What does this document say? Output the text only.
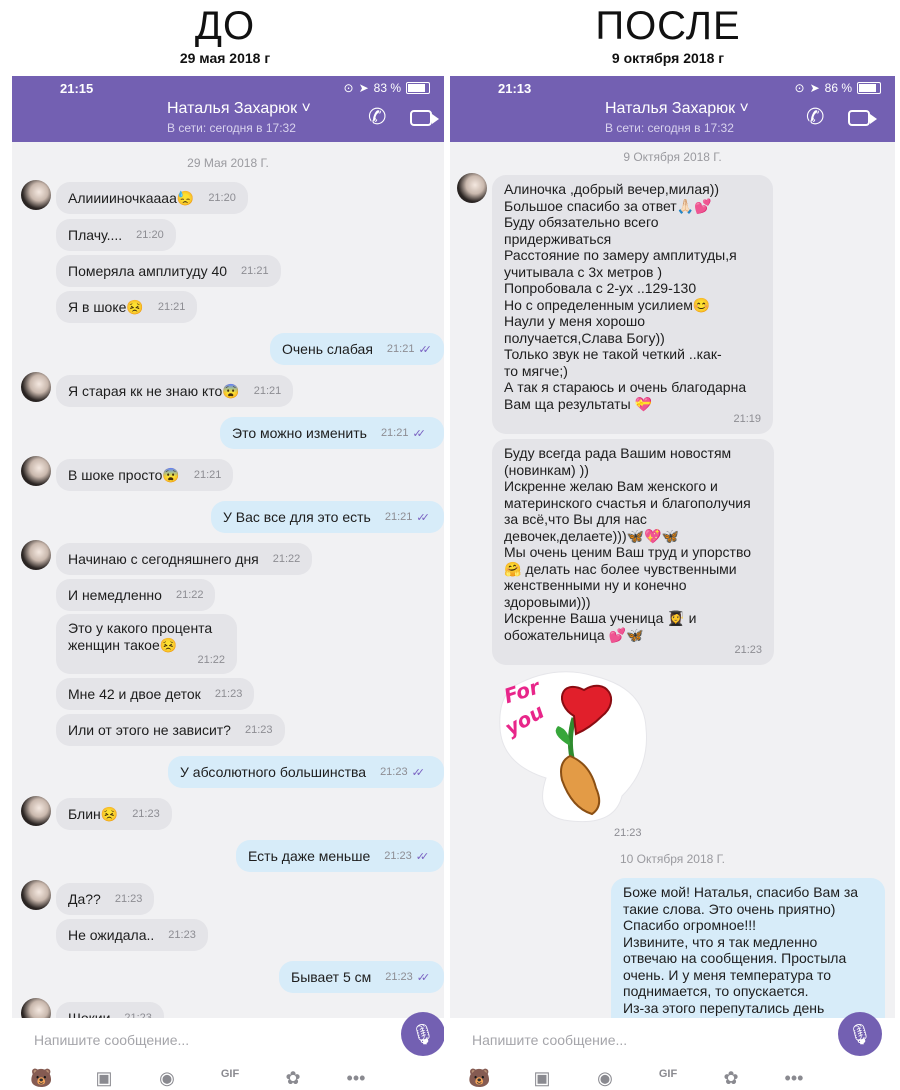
ДО
29 мая 2018 г
ПОСЛЕ
9 октября 2018 г
21:15	⊙ ➤ 83 %
Наталья Захарюк ˅
В сети: сегодня в 17:32	✆
29 Мая 2018 Г.
Алииииночкаааа😓 21:20
Плачу.... 21:20
Померяла амплитуду 40 21:21
Я в шоке😣 21:21
Очень слабая 21:21 ✓✓
Я старая кк не знаю кто😨 21:21
Это можно изменить 21:21 ✓✓
В шоке просто😨 21:21
У Вас все для это есть 21:21 ✓✓
Начинаю с сегодняшнего дня 21:22
И немедленно 21:22
Это у какого процента
женщин такое😣
21:22
Мне 42 и двое деток 21:23
Или от этого не зависит? 21:23
У абсолютного большинства 21:23 ✓✓
Блин😣 21:23
Есть даже меньше 21:23 ✓✓
Да?? 21:23
Не ожидала.. 21:23
Бывает 5 см 21:23 ✓✓
Напишите сообщение...	🎙
🐻 ▣	◉	GIF	✿	•••
21:13	⊙ ➤ 86 %
Наталья Захарюк ˅
В сети: сегодня в 17:32	✆
9 Октября 2018 Г.
Алиночка ,добрый вечер,милая))
Большое спасибо за ответ🙏🏻💕
Буду обязательно всего
придерживаться
Расстояние по замеру амплитуды,я
учитывала с 3х метров )
Попробовала с 2-ух ..129-130
Но с определенным усилием😊
Наули у меня хорошо
получается,Слава Богу))
Только звук не такой четкий ..как-
то мягче;)
А так я стараюсь и очень благодарна
Вам ща результаты 💝
21:19
Буду всегда рада Вашим новостям
(новинкам) ))
Искренне желаю Вам женского и
материнского счастья и благополучия
за всё,что Вы для нас
девочек,делаете)))🦋💖🦋
Мы очень ценим Ваш труд и упорство
🤗 делать нас более чувственными
женственными ну и конечно
здоровыми)))
Искренне Ваша ученица 👩‍🎓 и
обожательница 💕🦋
21:23
For
you
21:23
10 Октября 2018 Г.
Боже мой! Наталья, спасибо Вам за
такие слова. Это очень приятно)
Спасибо огромное!!!
Извините, что я так медленно
отвечаю на сообщения. Простыла
очень. И у меня температура то
поднимается, то опускается.
Из-за этого перепутались день
Напишите сообщение...	🎙
🐻 ▣	◉	GIF	✿	•••
